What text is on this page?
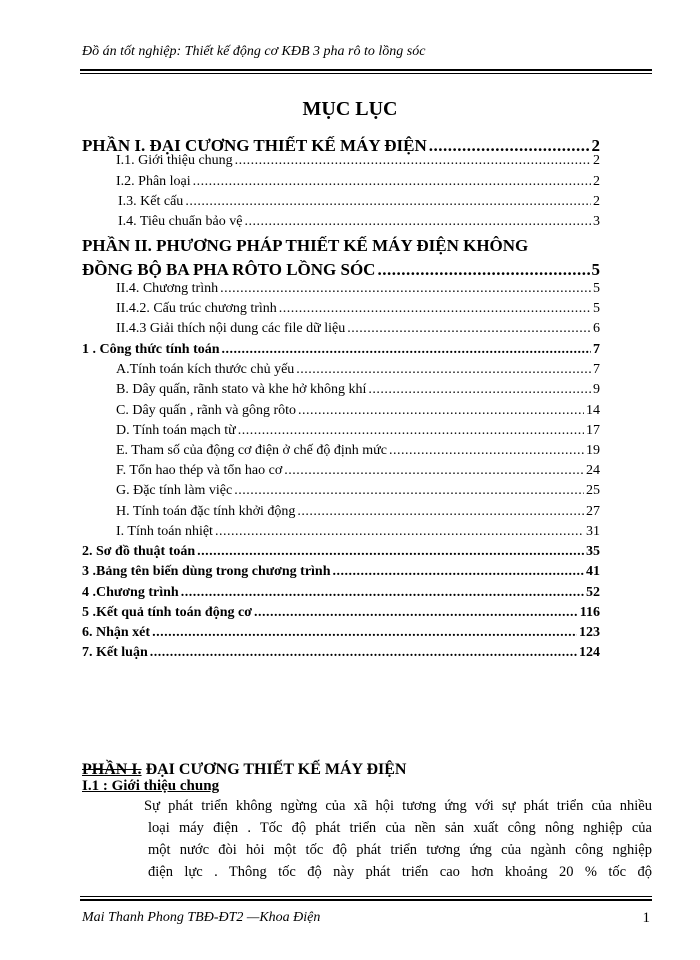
Đồ án tốt nghiệp: Thiết kế động cơ KĐB 3 pha rô to lồng sóc
MỤC LỤC
PHẦN I. ĐẠI CƯƠNG THIẾT KẾ MÁY ĐIỆN .....	2
I.1. Giới thiệu chung .....	2
I.2. Phân loại .....	2
I.3. Kết cấu .....	2
I.4. Tiêu chuẩn bảo vệ .....	3
PHẦN II. PHƯƠNG PHÁP THIẾT KẾ MÁY ĐIỆN KHÔNG
ĐỒNG BỘ BA PHA RÔTO LỒNG SÓC .....	5
II.4. Chương trình .....	5
II.4.2. Cấu trúc chương trình .....	5
II.4.3 Giải thích nội dung các file dữ liệu .....	6
1 . Công thức tính toán .....	7
A.Tính toán kích thước chủ yếu .....	7
B. Dây quấn, rãnh stato và khe hở không khí .....	9
C. Dây quấn , rãnh và gông rôto .....	14
D. Tính toán mạch từ .....	17
E. Tham số của động cơ điện ở chế độ định mức .....	19
F. Tổn hao thép và tổn hao cơ .....	24
G. Đặc tính làm việc .....	25
H. Tính toán đặc tính khởi động .....	27
I. Tính toán nhiệt .....	31
2. Sơ đồ thuật toán .....	35
3 .Bảng tên biến dùng trong chương trình .....	41
4 .Chương trình .....	52
5 .Kết quả tính toán động cơ .....	116
6. Nhận xét .....	123
7. Kết luận .....	124
PHẦN I. ĐẠI CƯƠNG THIẾT KẾ MÁY ĐIỆN
I.1 : Giới thiệu chung
Sự phát triển không ngừng của xã hội tương ứng với sự phát triển của nhiều
loại máy điện . Tốc độ phát triển của nền sản xuất công nông nghiệp của
một nước đòi hỏi một tốc độ phát triển tương ứng của ngành công nghiệp
điện lực . Thông tốc độ này phát triển cao hơn khoảng 20 % tốc độ
Mai Thanh Phong TBĐ-ĐT2 —Khoa Điện	1
